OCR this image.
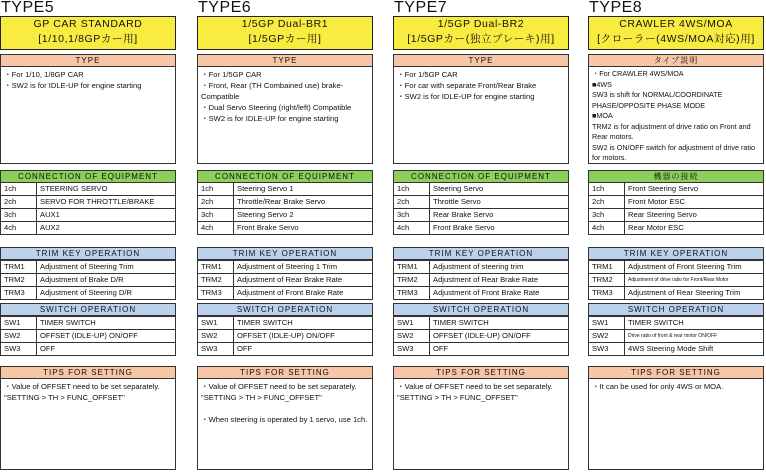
TYPE5
GP CAR STANDARD
[1/10,1/8GPカー用]
TYPE

・For 1/10, 1/8GP CAR

・SW2 is for IDLE-UP for engine starting

CONNECTION OF EQUIPMENT
1ch	STEERING SERVO
2ch	SERVO FOR THROTTLE/BRAKE
3ch	AUX1
4ch	AUX2
TRIM KEY OPERATION
TRM1	Adjustment of Steering Trim
TRM2	Adjustment of Brake D/R
TRM3	Adjustment of Steering D/R
SWITCH OPERATION
SW1	TIMER SWITCH
SW2	OFFSET (IDLE-UP) ON/OFF
SW3	OFF
TIPS FOR SETTING

・Value of OFFSET need to be set separately.

"SETTING > TH > FUNC_OFFSET"

TYPE6
1/5GP Dual-BR1
[1/5GPカー用]
TYPE

・For 1/5GP CAR

・Front, Rear (TH Combained use) brake-Compatible

・Dual Servo Steering (right/left) Compatible

・SW2 is for IDLE-UP for engine starting

CONNECTION OF EQUIPMENT
1ch	Steering Servo 1
2ch	Throttle/Rear Brake Servo
3ch	Steering Servo 2
4ch	Front Brake Servo
TRIM KEY OPERATION
TRM1	Adjustment of Steering 1 Trim
TRM2	Adjustment of Rear Brake Rate
TRM3	Adjustment of Front Brake Rate
SWITCH OPERATION
SW1	TIMER SWITCH
SW2	OFFSET (IDLE-UP) ON/OFF
SW3	OFF
TIPS FOR SETTING

・Value of OFFSET need to be set separately.

"SETTING > TH > FUNC_OFFSET"

・When steering is operated by 1 servo, use 1ch.

TYPE7
1/5GP Dual-BR2
[1/5GPカー(独立ブレーキ)用]
TYPE

・For 1/5GP CAR

・For car with separate Front/Rear Brake

・SW2 is for IDLE-UP for engine starting

CONNECTION OF EQUIPMENT
1ch	Steering Servo
2ch	Throttle Servo
3ch	Rear Brake Servo
4ch	Front Brake Servo
TRIM KEY OPERATION
TRM1	Adjustment of steering trim
TRM2	Adjustment of Rear Brake Rate
TRM3	Adjustment of Front Brake Rate
SWITCH OPERATION
SW1	TIMER SWITCH
SW2	OFFSET (IDLE-UP) ON/OFF
SW3	OFF
TIPS FOR SETTING

・Value of OFFSET need to be set separately.

"SETTING > TH > FUNC_OFFSET"

TYPE8
CRAWLER 4WS/MOA
[クローラー(4WS/MOA対応)用]
タイプ説明

・For CRAWLER 4WS/MOA

■4WS

SW3 is shift for NORMAL/COORDINATE PHASE/OPPOSITE PHASE MODE

■MOA

TRM2 is for adjustment of drive ratio on Front and Rear motors.

SW2 is ON/OFF switch for adjustment of drive ratio for motors.

機器の接続
1ch	Front Steering Servo
2ch	Front Motor ESC
3ch	Rear Steering Servo
4ch	Rear Motor ESC
TRIM KEY OPERATION
TRM1	Adjustment of Front Steering Trim
TRM2	Adjustment of drive ratio for Front/Rear Motor
TRM3	Adjustment of Rear Steering Trim
SWITCH OPERATION
SW1	TIMER SWITCH
SW2	Drive ratio of front & rear motor ON/OFF
SW3	4WS Steering Mode Shift
TIPS FOR SETTING

・It can be used for only 4WS or MOA.
